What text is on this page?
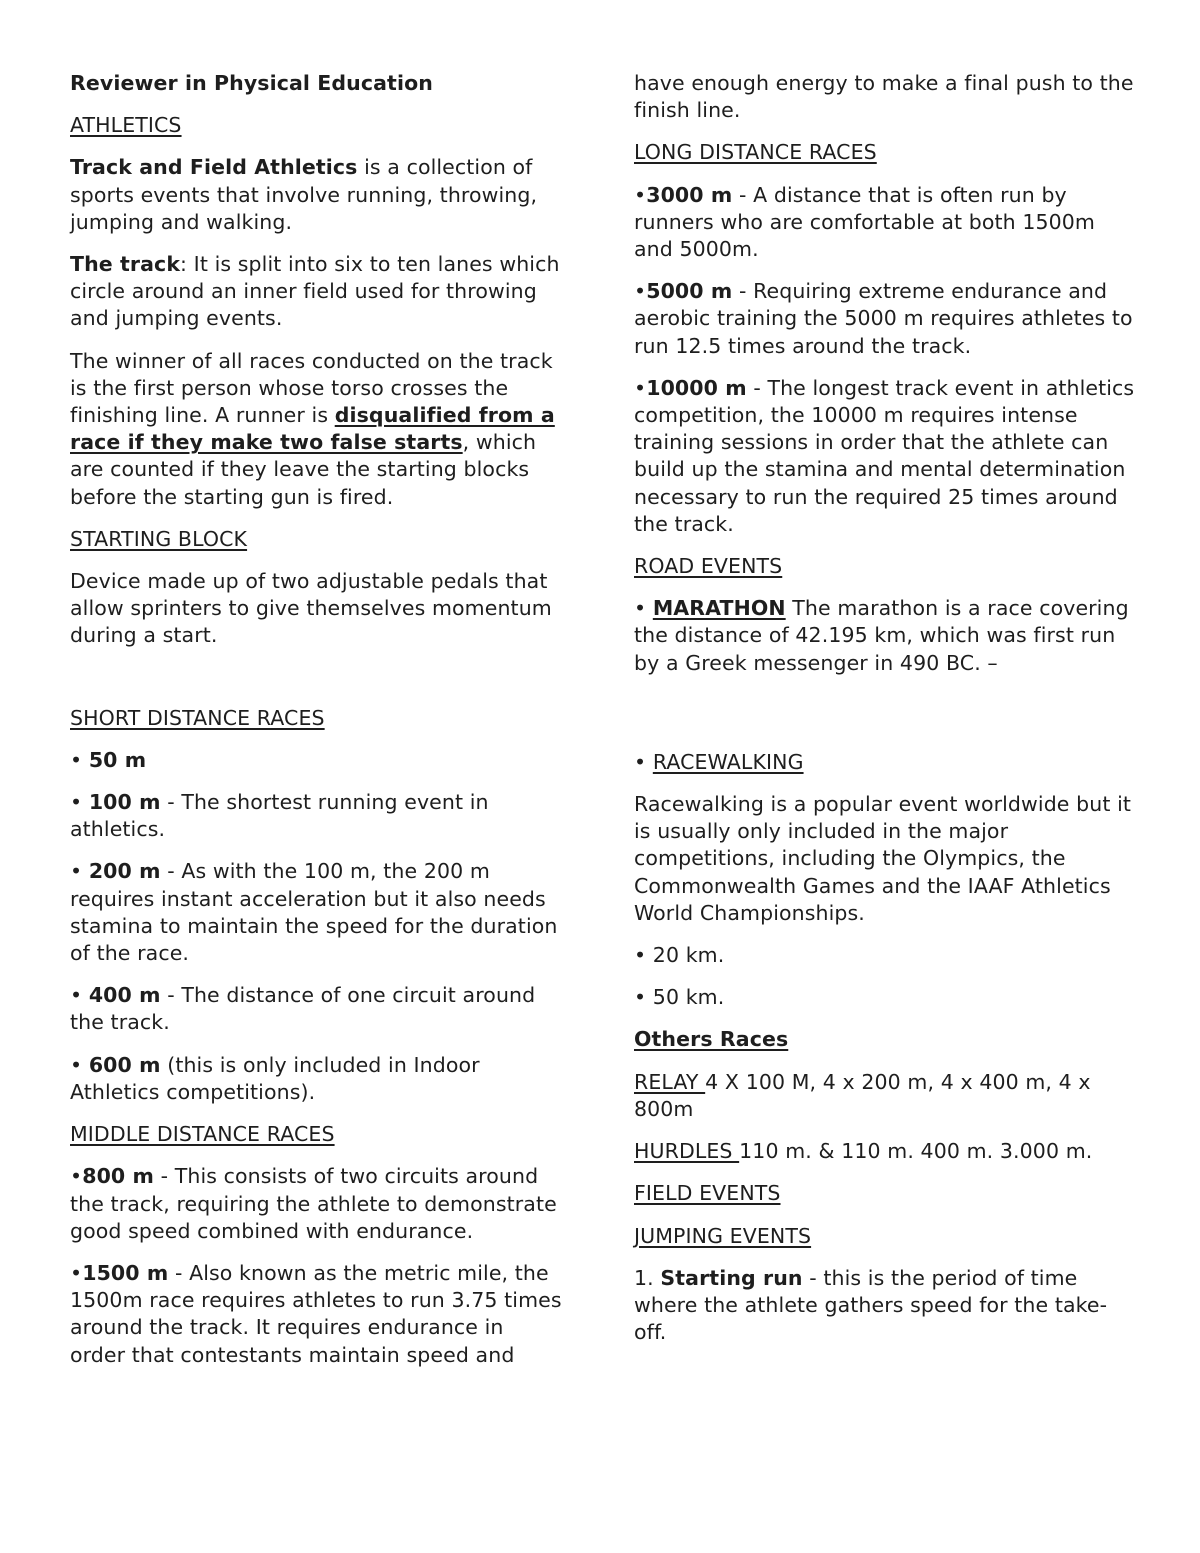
Reviewer in Physical Education

ATHLETICS

Track and Field Athletics is a collection of sports events that involve running, throwing, jumping and walking.

The track: It is split into six to ten lanes which circle around an inner field used for throwing and jumping events.

The winner of all races conducted on the track is the first person whose torso crosses the finishing line. A runner is disqualified from a race if they make two false starts, which are counted if they leave the starting blocks before the starting gun is fired.

STARTING BLOCK

Device made up of two adjustable pedals that allow sprinters to give themselves momentum during a start.

SHORT DISTANCE RACES

• 50 m

• 100 m - The shortest running event in athletics.

• 200 m - As with the 100 m, the 200 m requires instant acceleration but it also needs stamina to maintain the speed for the duration of the race.

• 400 m - The distance of one circuit around the track.

• 600 m (this is only included in Indoor Athletics competitions).

MIDDLE DISTANCE RACES

•800 m - This consists of two circuits around the track, requiring the athlete to demonstrate good speed combined with endurance.

•1500 m - Also known as the metric mile, the 1500m race requires athletes to run 3.75 times around the track. It requires endurance in order that contestants maintain speed and

have enough energy to make a final push to the finish line.

LONG DISTANCE RACES

•3000 m - A distance that is often run by runners who are comfortable at both 1500m and 5000m.

•5000 m - Requiring extreme endurance and aerobic training the 5000 m requires athletes to run 12.5 times around the track.

•10000 m - The longest track event in athletics competition, the 10000 m requires intense training sessions in order that the athlete can build up the stamina and mental determination necessary to run the required 25 times around the track.

ROAD EVENTS

• MARATHON The marathon is a race covering the distance of 42.195 km, which was first run by a Greek messenger in 490 BC. –

• RACEWALKING

Racewalking is a popular event worldwide but it is usually only included in the major competitions, including the Olympics, the Commonwealth Games and the IAAF Athletics World Championships.

• 20 km.

• 50 km.

Others Races

RELAY 4 X 100 M, 4 x 200 m, 4 x 400 m, 4 x 800m

HURDLES 110 m. & 110 m. 400 m. 3.000 m.

FIELD EVENTS

JUMPING EVENTS

1. Starting run - this is the period of time where the athlete gathers speed for the take-off.
